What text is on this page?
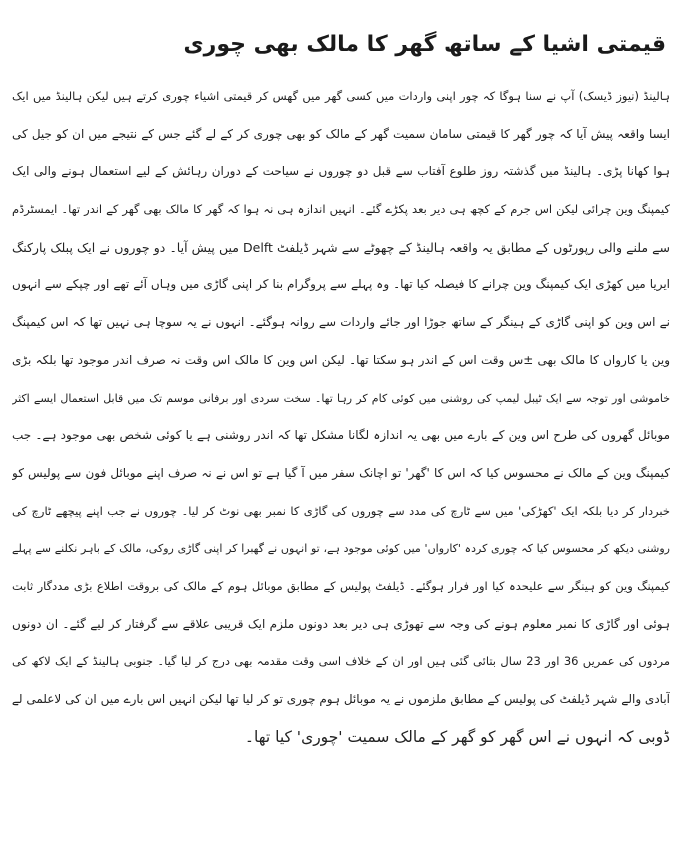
قیمتی اشیا کے ساتھ گھر کا مالک بھی چوری
ہالینڈ (نیوز ڈیسک) آپ نے سنا ہوگا کہ چور اپنی واردات میں کسی گھر میں گھس کر قیمتی اشیاء چوری کرتے ہیں لیکن ہالینڈ میں ایک
ایسا واقعہ پیش آیا کہ چور گھر کا قیمتی سامان سمیت گھر کے مالک کو بھی چوری کر کے لے گئے جس کے نتیجے میں ان کو جیل کی
ہوا کھانا پڑی۔ ہالینڈ میں گذشتہ روز طلوع آفتاب سے قبل دو چوروں نے سیاحت کے دوران رہائش کے لیے استعمال ہونے والی ایک
کیمپنگ وین چرائی لیکن اس جرم کے کچھ ہی دیر بعد پکڑے گئے۔ انہیں اندازہ ہی نہ ہوا کہ گھر کا مالک بھی گھر کے اندر تھا۔ ایمسٹرڈم
سے ملنے والی رپورٹوں کے مطابق یہ واقعہ ہالینڈ کے چھوٹے سے شہر ڈیلفٹ Delft میں پیش آیا۔ دو چوروں نے ایک پبلک پارکنگ
ایریا میں کھڑی ایک کیمپنگ وین چرانے کا فیصلہ کیا تھا۔ وہ پہلے سے پروگرام بنا کر اپنی گاڑی میں وہاں آئے تھے اور چپکے سے انہوں
نے اس وین کو اپنی گاڑی کے ہینگر کے ساتھ جوڑا اور جائے واردات سے روانہ ہوگئے۔ انہوں نے یہ سوچا ہی نہیں تھا کہ اس کیمپنگ
وین یا کارواں کا مالک بھی ±س وقت اس کے اندر ہو سکتا تھا۔ لیکن اس وین کا مالک اس وقت نہ صرف اندر موجود تھا بلکہ بڑی
خاموشی اور توجہ سے ایک ٹیبل لیمپ کی روشنی میں کوئی کام کر رہا تھا۔ سخت سردی اور برفانی موسم تک میں قابل استعمال ایسے اکثر
موبائل گھروں کی طرح اس وین کے بارے میں بھی یہ اندازہ لگانا مشکل تھا کہ اندر روشنی ہے یا کوئی شخص بھی موجود ہے۔ جب
کیمپنگ وین کے مالک نے محسوس کیا کہ اس کا 'گھر' تو اچانک سفر میں آ گیا ہے تو اس نے نہ صرف اپنے موبائل فون سے پولیس کو
خبردار کر دیا بلکہ ایک 'کھڑکی' میں سے ٹارچ کی مدد سے چوروں کی گاڑی کا نمبر بھی نوٹ کر لیا۔ چوروں نے جب اپنے پیچھے ٹارچ کی
روشنی دیکھ کر محسوس کیا کہ چوری کردہ 'کارواں' میں کوئی موجود ہے، تو انہوں نے گھبرا کر اپنی گاڑی روکی، مالک کے باہر نکلنے سے پہلے
کیمپنگ وین کو ہینگر سے علیحدہ کیا اور فرار ہوگئے۔ ڈیلفٹ پولیس کے مطابق موبائل ہوم کے مالک کی بروقت اطلاع بڑی مددگار ثابت
ہوئی اور گاڑی کا نمبر معلوم ہونے کی وجہ سے تھوڑی ہی دیر بعد دونوں ملزم ایک قریبی علاقے سے گرفتار کر لیے گئے۔ ان دونوں
مردوں کی عمریں 36 اور 23 سال بتائی گئی ہیں اور ان کے خلاف اسی وقت مقدمہ بھی درج کر لیا گیا۔ جنوبی ہالینڈ کے ایک لاکھ کی
آبادی والے شہر ڈیلفٹ کی پولیس کے مطابق ملزموں نے یہ موبائل ہوم چوری تو کر لیا تھا لیکن انہیں اس بارے میں ان کی لاعلمی لے
ڈوبی کہ انہوں نے اس گھر کو گھر کے مالک سمیت 'چوری' کیا تھا۔
